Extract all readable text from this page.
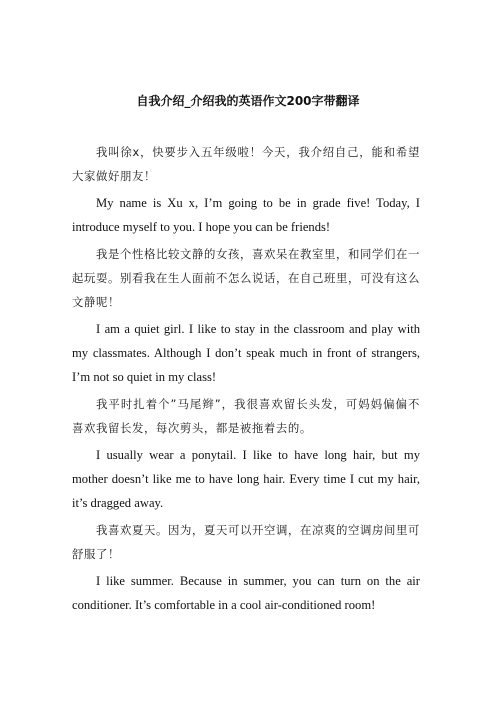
自我介绍_介绍我的英语作文200字带翻译

我叫徐x，快要步入五年级啦！今天，我介绍自己，能和希望大家做好朋友！

My name is Xu x, I’m going to be in grade five! Today, I introduce myself to you. I hope you can be friends!

我是个性格比较文静的女孩，喜欢呆在教室里，和同学们在一起玩耍。别看我在生人面前不怎么说话，在自己班里，可没有这么文静呢！

I am a quiet girl. I like to stay in the classroom and play with my classmates. Although I don’t speak much in front of strangers, I’m not so quiet in my class!

我平时扎着个”马尾辫”，我很喜欢留长头发，可妈妈偏偏不喜欢我留长发，每次剪头，都是被拖着去的。

I usually wear a ponytail. I like to have long hair, but my mother doesn’t like me to have long hair. Every time I cut my hair, it’s dragged away.

我喜欢夏天。因为，夏天可以开空调，在凉爽的空调房间里可舒服了！

I like summer. Because in summer, you can turn on the air conditioner. It’s comfortable in a cool air-conditioned room!
